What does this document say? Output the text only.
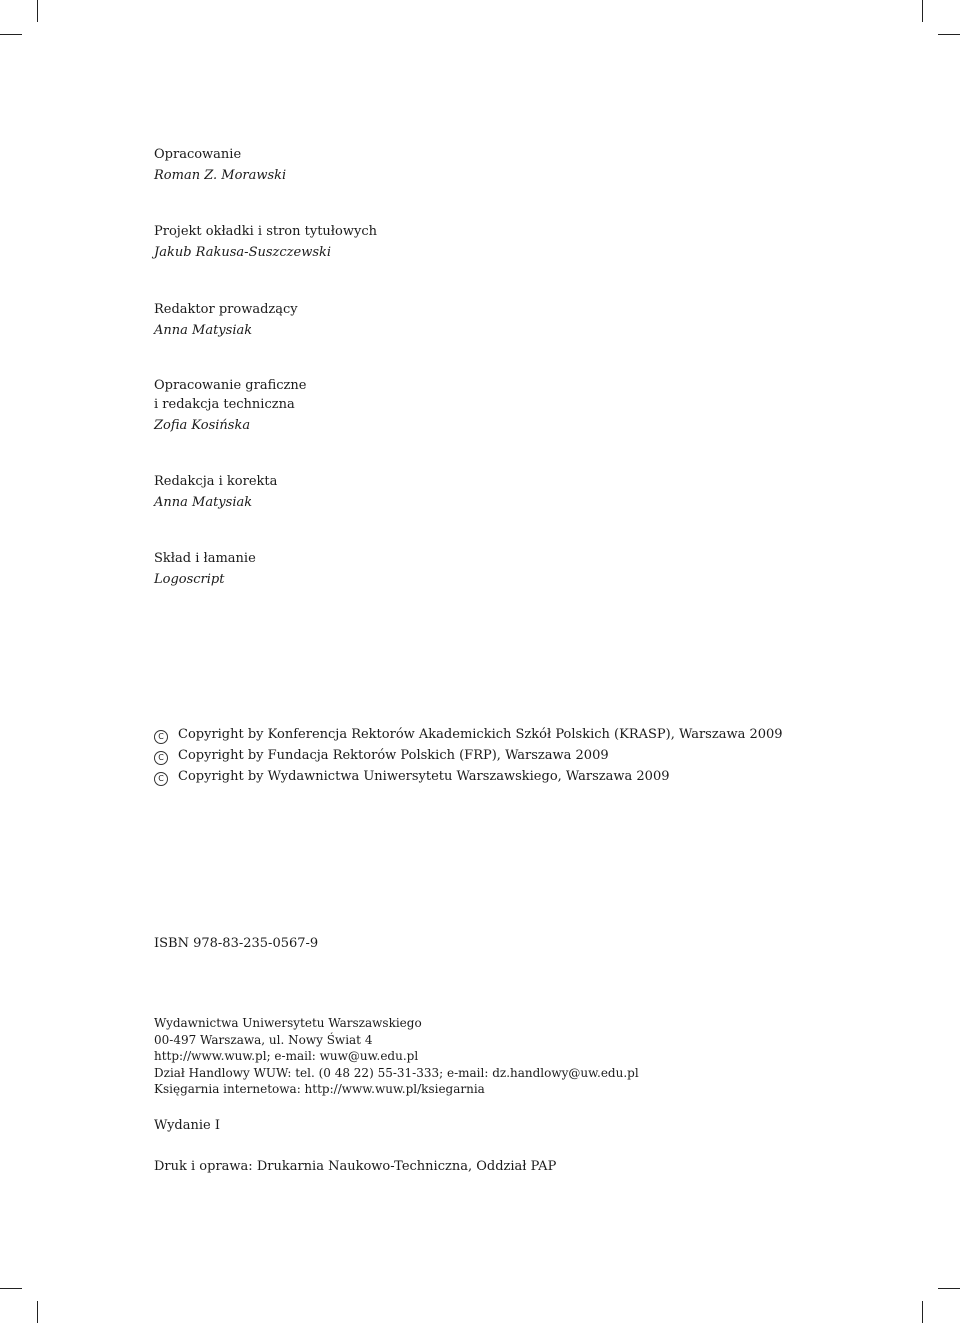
Opracowanie
Roman Z. Morawski
Projekt okładki i stron tytułowych
Jakub Rakusa-Suszczewski
Redaktor prowadzący
Anna Matysiak
Opracowanie graficzne
i redakcja techniczna
Zofia Kosińska
Redakcja i korekta
Anna Matysiak
Skład i łamanie
Logoscript
C Copyright by Konferencja Rektorów Akademickich Szkół Polskich (KRASP), Warszawa 2009
C Copyright by Fundacja Rektorów Polskich (FRP), Warszawa 2009
C Copyright by Wydawnictwa Uniwersytetu Warszawskiego, Warszawa 2009
ISBN 978-83-235-0567-9
Wydawnictwa Uniwersytetu Warszawskiego
00-497 Warszawa, ul. Nowy Świat 4
http://www.wuw.pl; e-mail: wuw@uw.edu.pl
Dział Handlowy WUW: tel. (0 48 22) 55-31-333; e-mail: dz.handlowy@uw.edu.pl
Księgarnia internetowa: http://www.wuw.pl/ksiegarnia
Wydanie I
Druk i oprawa: Drukarnia Naukowo-Techniczna, Oddział PAP
